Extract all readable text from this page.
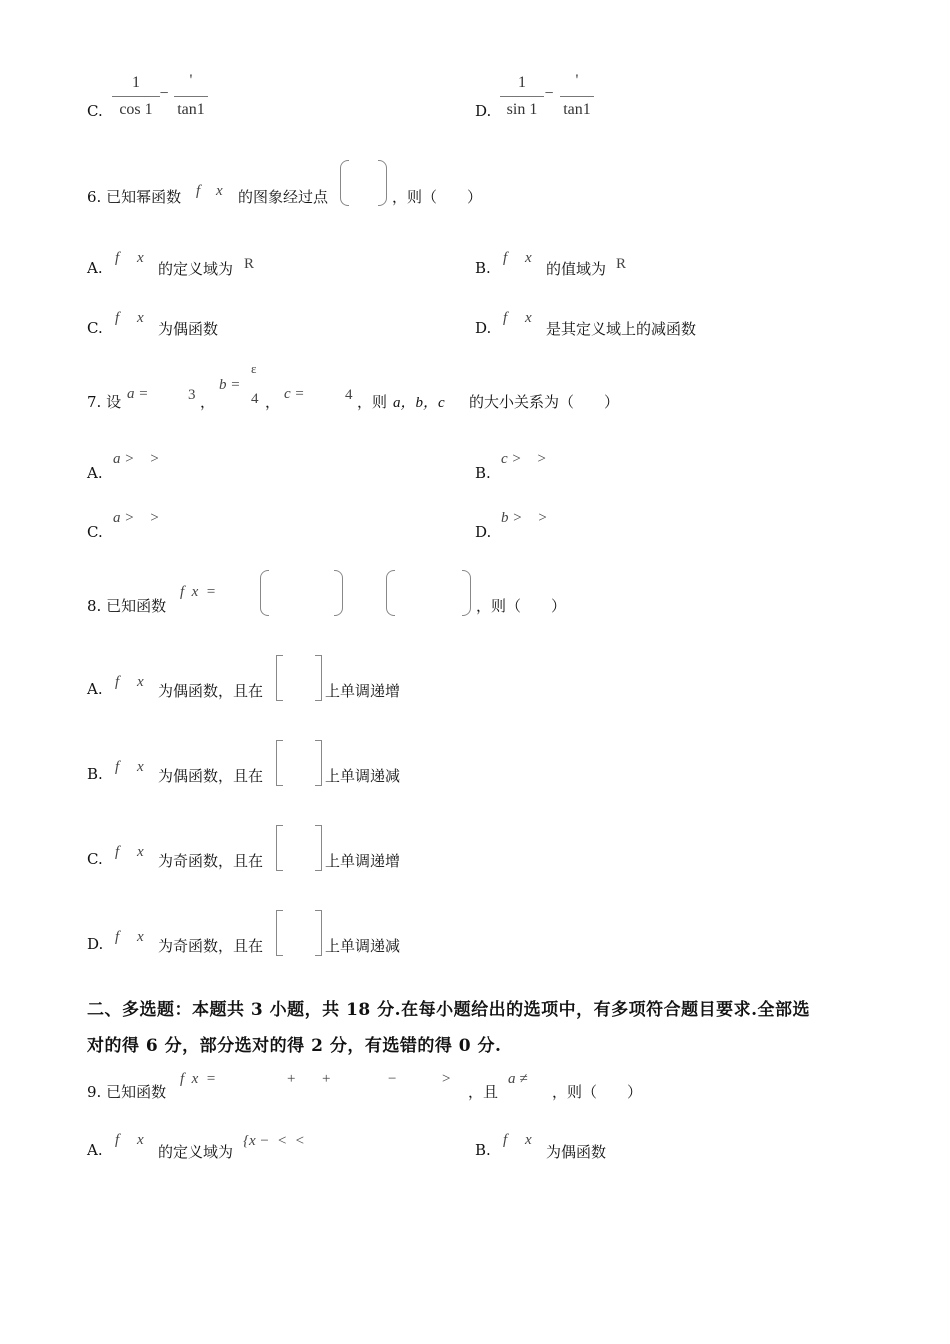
C.
1
cos 1
−
'
tan1	D.
1
sin 1
−
'
tan1
6. 已知幂函数 f x 的图象经过点	，则（　　）
A.
f x
的定义域为 R	B.
f x
的值域为 R
C.
f x
为偶函数	D.
f x
是其定义域上的减函数
7. 设 a =	3 ，
b =
ε
4 ， c =	4 ，则 a，b，c 的大小关系为（　　）
A.
a >    >
B.
c >    >
C.
a >    >
D.
b >    >
8. 已知函数
f  x  =
，则（　　）
A. f x 为偶函数，且在	上单调递增
B. f x 为偶函数，且在	上单调递减
C. f x 为奇函数，且在	上单调递增
D. f x 为奇函数，且在	上单调递减
二、多选题：本题共 3 小题，共 18 分.在每小题给出的选项中，有多项符合题目要求.全部选
对的得 6 分，部分选对的得 2 分，有选错的得 0 分.
9. 已知函数
f  x  =	+ +	−	>
，且
a ≠
，则（　　）
A.
f x
的定义域为
{x −  <  <	B.
f x
为偶函数
